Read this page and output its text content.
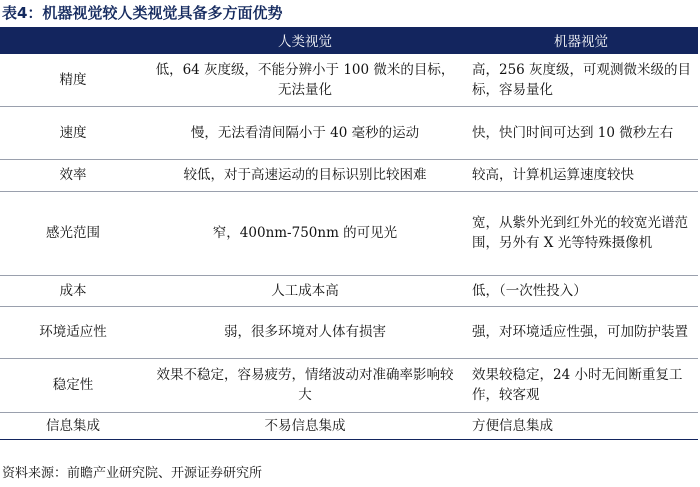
表4：机器视觉较人类视觉具备多方面优势
	人类视觉	机器视觉
精度	低，64 灰度级，不能分辨小于 100 微米的目标，无法量化	高，256 灰度级，可观测微米级的目标，容易量化
速度	慢，无法看清间隔小于 40 毫秒的运动	快，快门时间可达到 10 微秒左右
效率	较低，对于高速运动的目标识别比较困难	较高，计算机运算速度较快
感光范围	窄，400nm-750nm 的可见光	宽，从紫外光到红外光的较宽光谱范围，另外有 X 光等特殊摄像机
成本	人工成本高	低，（一次性投入）
环境适应性	弱，很多环境对人体有损害	强，对环境适应性强，可加防护装置
稳定性	效果不稳定，容易疲劳，情绪波动对准确率影响较大	效果较稳定，24 小时无间断重复工作，较客观
信息集成	不易信息集成	方便信息集成
资料来源：前瞻产业研究院、开源证券研究所
